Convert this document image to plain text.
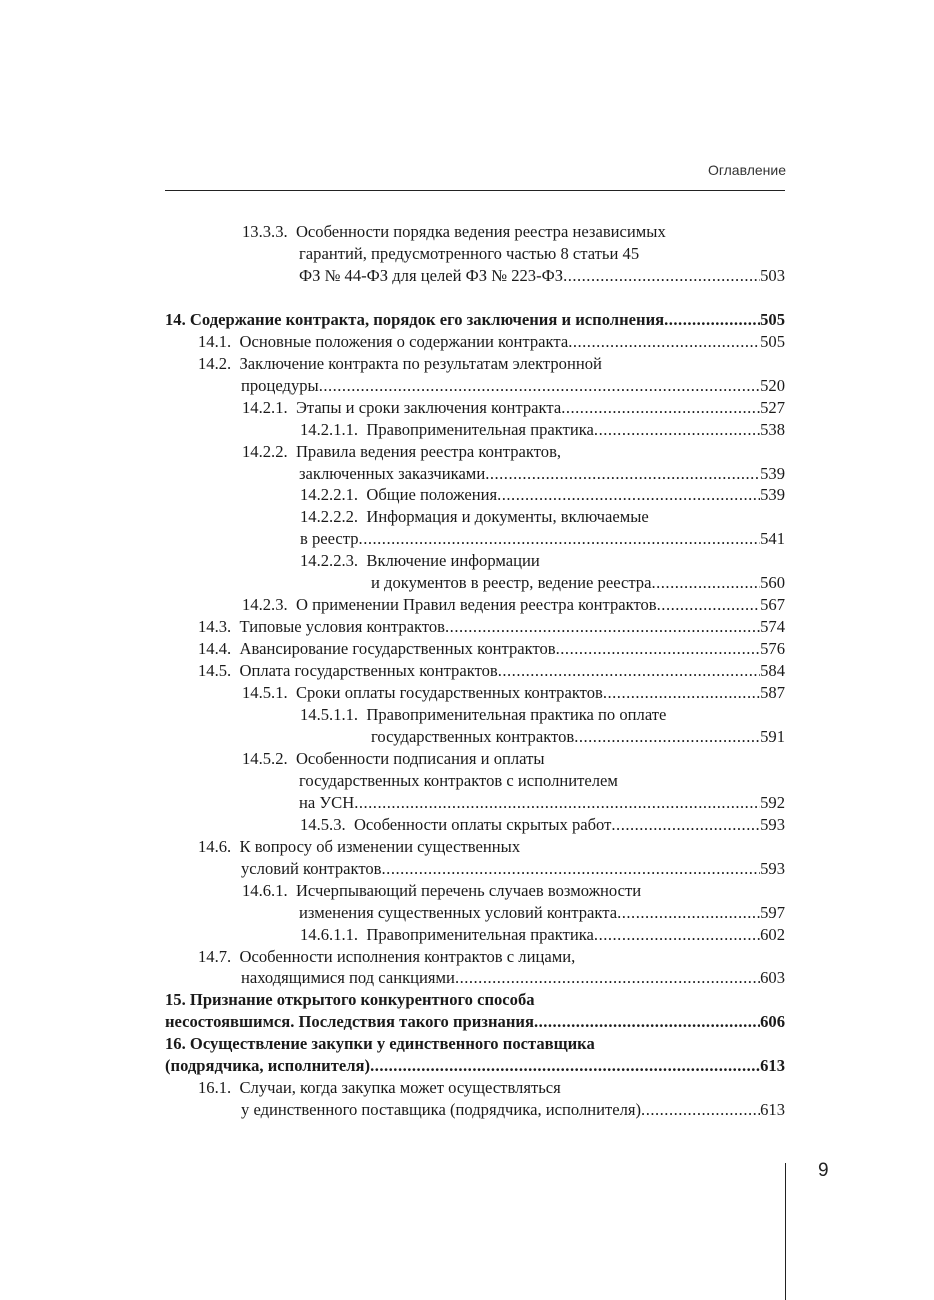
Оглавление
13.3.3. Особенности порядка ведения реестра независимых
гарантий, предусмотренного частью 8 статьи 45
ФЗ № 44-ФЗ для целей ФЗ № 223-ФЗ .....	503
14. Содержание контракта, порядок его заключения и исполнения .....	505
14.1. Основные положения о содержании контракта .....	505
14.2. Заключение контракта по результатам электронной
процедуры .....	520
14.2.1. Этапы и сроки заключения контракта .....	527
14.2.1.1. Правоприменительная практика .....	538
14.2.2. Правила ведения реестра контрактов,
заключенных заказчиками .....	539
14.2.2.1. Общие положения .....	539
14.2.2.2. Информация и документы, включаемые
в реестр .....	541
14.2.2.3. Включение информации
и документов в реестр, ведение реестра .....	560
14.2.3. О применении Правил ведения реестра контрактов .....	567
14.3. Типовые условия контрактов .....	574
14.4. Авансирование государственных контрактов .....	576
14.5. Оплата государственных контрактов .....	584
14.5.1. Сроки оплаты государственных контрактов .....	587
14.5.1.1. Правоприменительная практика по оплате
государственных контрактов .....	591
14.5.2. Особенности подписания и оплаты
государственных контрактов с исполнителем
на УСН .....	592
14.5.3. Особенности оплаты скрытых работ .....	593
14.6. К вопросу об изменении существенных
условий контрактов .....	593
14.6.1. Исчерпывающий перечень случаев возможности
изменения существенных условий контракта .....	597
14.6.1.1. Правоприменительная практика .....	602
14.7. Особенности исполнения контрактов с лицами,
находящимися под санкциями .....	603
15. Признание открытого конкурентного способа
несостоявшимся. Последствия такого признания .....	606
16. Осуществление закупки у единственного поставщика
(подрядчика, исполнителя) .....	613
16.1. Случаи, когда закупка может осуществляться
у единственного поставщика (подрядчика, исполнителя) .....	613
9
